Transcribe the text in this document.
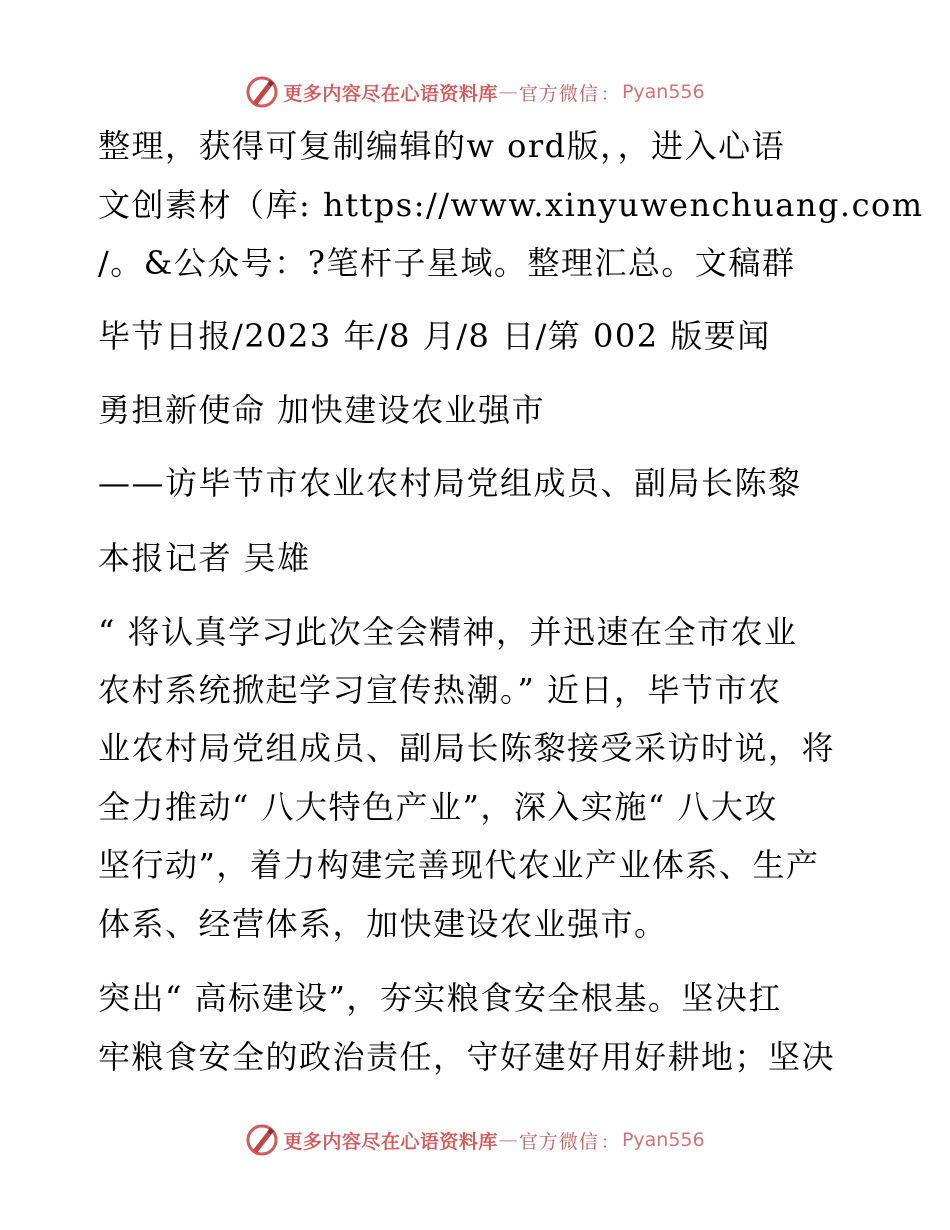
更多内容尽在心语资料库 — 官方微信 ： Pyan556

整理，获得可复制编辑的w ord版，，进入心语

文创素材（库: https://www.xinyuwenchuang.com

/。&公众号：?笔杆子星域。整理汇总。文稿群

毕节日报/2023 年/8 月/8 日/第 002 版要闻

勇担新使命 加快建设农业强市

——访毕节市农业农村局党组成员、副局长陈黎

本报记者 吴雄

“ 将认真学习此次全会精神，并迅速在全市农业

农村系统掀起学习宣传热潮。” 近日，毕节市农

业农村局党组成员、副局长陈黎接受采访时说，将

全力推动“ 八大特色产业”，深入实施“ 八大攻

坚行动”，着力构建完善现代农业产业体系、生产

体系、经营体系，加快建设农业强市。

突出“ 高标建设”，夯实粮食安全根基。坚决扛

牢粮食安全的政治责任，守好建好用好耕地；坚决

更多内容尽在心语资料库 — 官方微信 ： Pyan556
